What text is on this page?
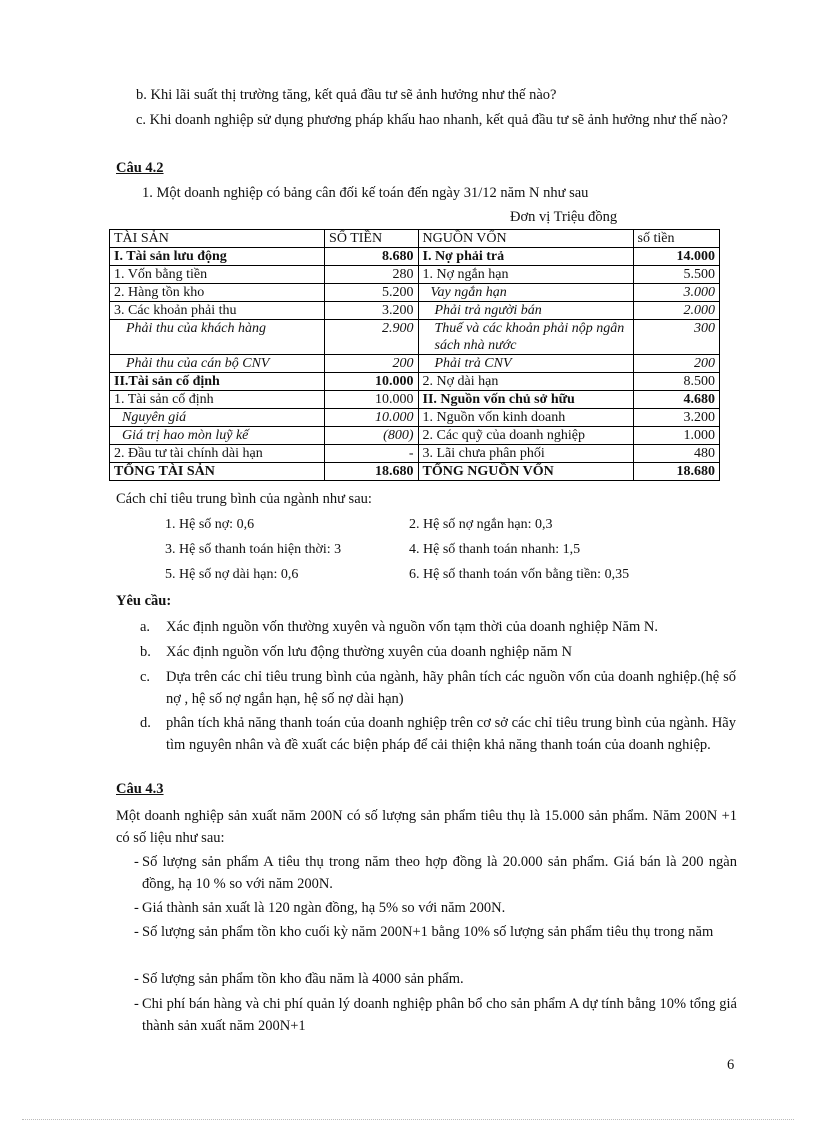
b. Khi lãi suất thị trường tăng, kết quả đầu tư sẽ ảnh hưởng như thế nào?
c. Khi doanh nghiệp sử dụng phương pháp khấu hao nhanh, kết quả đầu tư sẽ ảnh hưởng như thế nào?
Câu 4.2
1. Một doanh nghiệp có bảng cân đối kế toán đến ngày 31/12 năm N như sau
Đơn vị Triệu đồng
TÀI SẢN	SỐ TIỀN	NGUỒN VỐN	số tiền
I. Tài sản lưu động	8.680	I. Nợ phải trả	14.000
1. Vốn bằng tiền	280	1. Nợ ngắn hạn	5.500
2. Hàng tồn kho	5.200	Vay ngắn hạn	3.000
3. Các khoản phải thu	3.200	Phải trả người bán	2.000
Phải thu của khách hàng	2.900	Thuế và các khoản phải nộp ngân sách nhà nước	300
Phải thu của cán bộ CNV	200	Phải trả CNV	200
II.Tài sản cố định	10.000	2. Nợ dài hạn	8.500
1. Tài sản cố định	10.000	II. Nguồn vốn chủ sở hữu	4.680
Nguyên giá	10.000	1. Nguồn vốn kinh doanh	3.200
Giá trị hao mòn luỹ kế	(800)	2. Các quỹ của doanh nghiệp	1.000
2. Đầu tư tài chính dài hạn	-	3. Lãi chưa phân phối	480
TỔNG TÀI SẢN	18.680	TỔNG NGUỒN VỐN	18.680
Cách chỉ tiêu trung bình của ngành như sau:
1. Hệ số nợ: 0,6	2. Hệ số nợ ngắn hạn: 0,3
3. Hệ số thanh toán hiện thời: 3	4. Hệ số thanh toán nhanh: 1,5
5. Hệ số nợ dài hạn: 0,6	6. Hệ số thanh toán vốn bằng tiền: 0,35
Yêu cầu:
a. Xác định nguồn vốn thường xuyên và nguồn vốn tạm thời của doanh nghiệp Năm N.
b. Xác định nguồn vốn lưu động thường xuyên của doanh nghiệp năm N
c. Dựa trên các chỉ tiêu trung bình của ngành, hãy phân tích các nguồn vốn của doanh nghiệp.(hệ số nợ , hệ số nợ ngắn hạn, hệ số nợ dài hạn)
d. phân tích khả năng thanh toán của doanh nghiệp trên cơ sở các chỉ tiêu trung bình của ngành. Hãy tìm nguyên nhân và đề xuất các biện pháp để cải thiện khả năng thanh toán của doanh nghiệp.
Câu 4.3
Một doanh nghiệp sản xuất năm 200N có số lượng sản phẩm tiêu thụ là 15.000 sản phẩm. Năm 200N +1 có số liệu như sau:
- Số lượng sản phẩm A tiêu thụ trong năm theo hợp đồng là 20.000 sản phẩm. Giá bán là 200 ngàn đồng, hạ 10 % so với năm 200N.
- Giá thành sản xuất là 120 ngàn đồng, hạ 5% so với năm 200N.
- Số lượng sản phẩm tồn kho cuối kỳ năm 200N+1 bằng 10% số lượng sản phẩm tiêu thụ trong năm
- Số lượng sản phẩm tồn kho đầu năm là 4000 sản phẩm.
- Chi phí bán hàng và chi phí quản lý doanh nghiệp phân bổ cho sản phẩm A dự tính bằng 10% tổng giá thành sản xuất năm 200N+1
6
